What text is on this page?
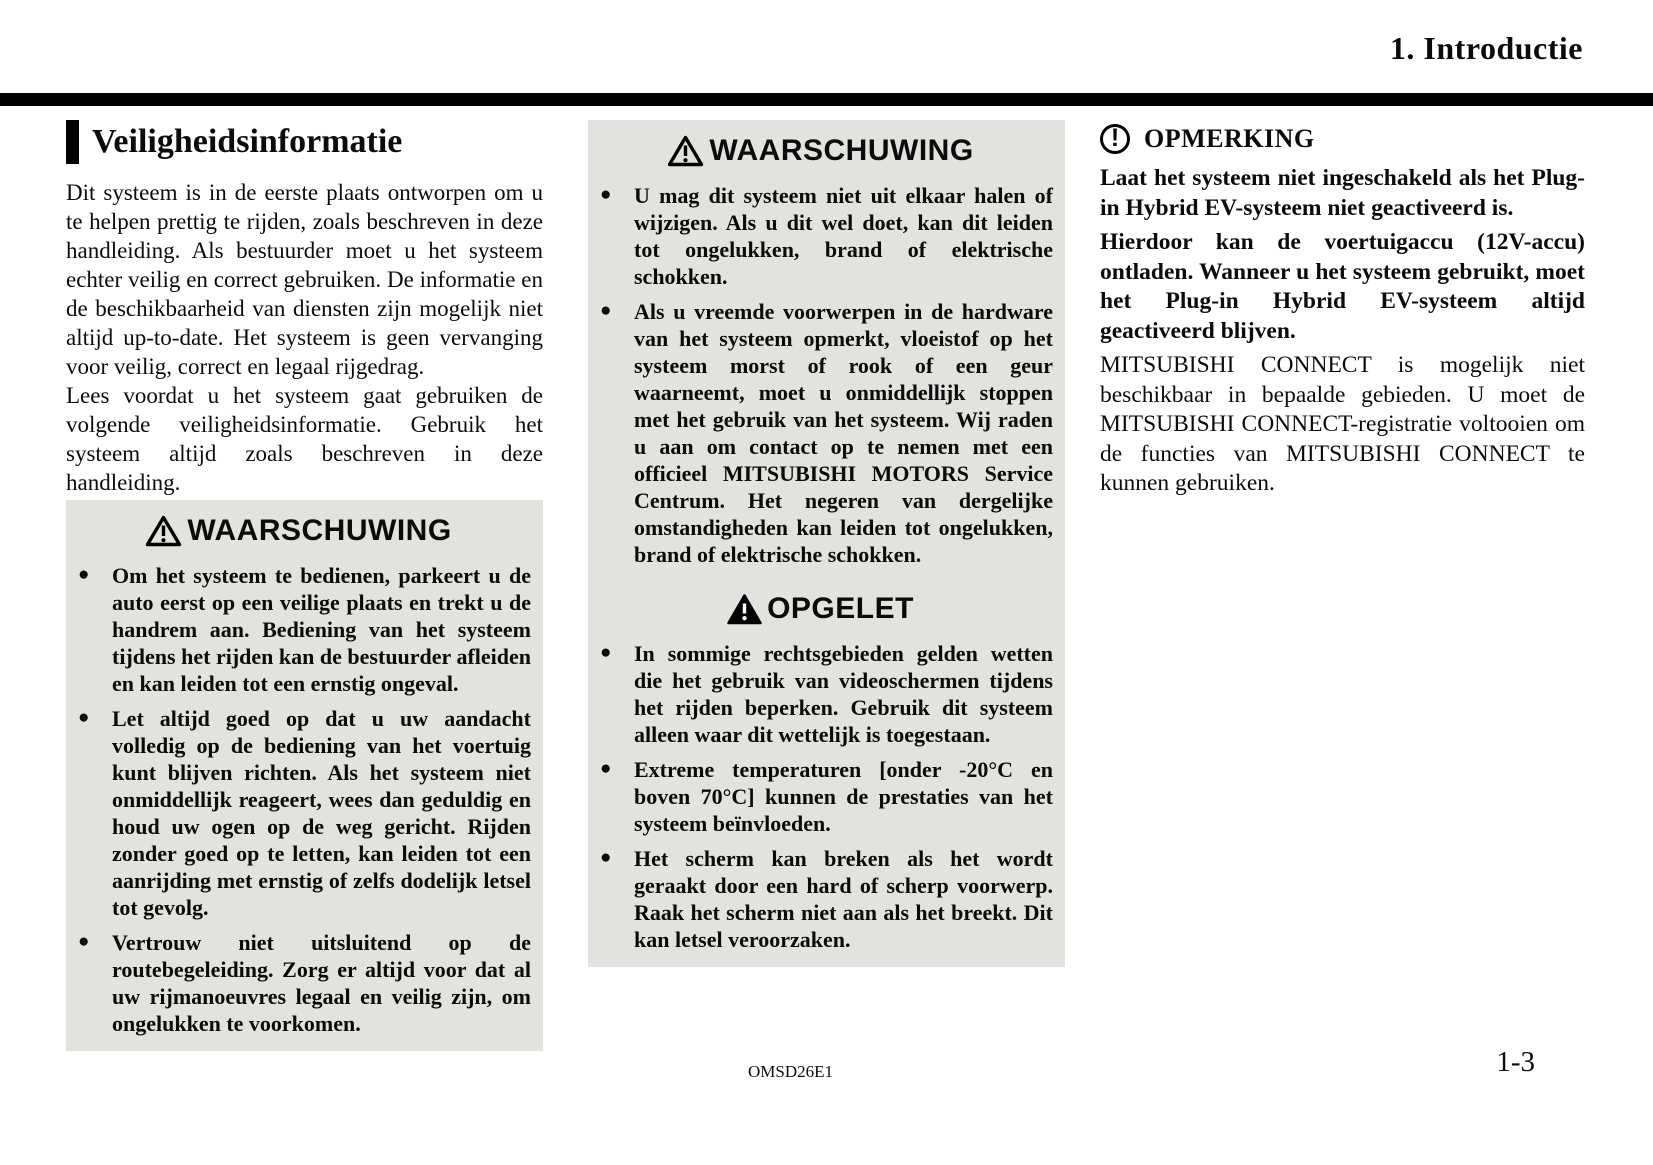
1. Introductie
Veiligheidsinformatie

Dit systeem is in de eerste plaats ontworpen om u te helpen prettig te rijden, zoals beschreven in deze handleiding. Als bestuurder moet u het systeem echter veilig en correct gebruiken. De informatie en de beschikbaarheid van diensten zijn mogelijk niet altijd up-to-date. Het systeem is geen vervanging voor veilig, correct en legaal rijgedrag.

Lees voordat u het systeem gaat gebruiken de volgende veiligheidsinformatie. Gebruik het systeem altijd zoals beschreven in deze handleiding.

WAARSCHUWING
● Om het systeem te bedienen, parkeert u de auto eerst op een veilige plaats en trekt u de handrem aan. Bediening van het systeem tijdens het rijden kan de bestuurder afleiden en kan leiden tot een ernstig ongeval.
● Let altijd goed op dat u uw aandacht volledig op de bediening van het voertuig kunt blijven richten. Als het systeem niet onmiddellijk reageert, wees dan geduldig en houd uw ogen op de weg gericht. Rijden zonder goed op te letten, kan leiden tot een aanrijding met ernstig of zelfs dodelijk letsel tot gevolg.
● Vertrouw niet uitsluitend op de routebegeleiding. Zorg er altijd voor dat al uw rijmanoeuvres legaal en veilig zijn, om ongelukken te voorkomen.
WAARSCHUWING
● U mag dit systeem niet uit elkaar halen of wijzigen. Als u dit wel doet, kan dit leiden tot ongelukken, brand of elektrische schokken.
● Als u vreemde voorwerpen in de hardware van het systeem opmerkt, vloeistof op het systeem morst of rook of een geur waarneemt, moet u onmiddellijk stoppen met het gebruik van het systeem. Wij raden u aan om contact op te nemen met een officieel MITSUBISHI MOTORS Service Centrum. Het negeren van dergelijke omstandigheden kan leiden tot ongelukken, brand of elektrische schokken.
OPGELET
● In sommige rechtsgebieden gelden wetten die het gebruik van videoschermen tijdens het rijden beperken. Gebruik dit systeem alleen waar dit wettelijk is toegestaan.
● Extreme temperaturen [onder -20°C en boven 70°C] kunnen de prestaties van het systeem beïnvloeden.
● Het scherm kan breken als het wordt geraakt door een hard of scherp voorwerp. Raak het scherm niet aan als het breekt. Dit kan letsel veroorzaken.
! OPMERKING

Laat het systeem niet ingeschakeld als het Plug-in Hybrid EV-systeem niet geactiveerd is.

Hierdoor kan de voertuigaccu (12V-accu) ontladen. Wanneer u het systeem gebruikt, moet het Plug-in Hybrid EV-systeem altijd geactiveerd blijven.

MITSUBISHI CONNECT is mogelijk niet beschikbaar in bepaalde gebieden. U moet de MITSUBISHI CONNECT-registratie voltooien om de functies van MITSUBISHI CONNECT te kunnen gebruiken.

OMSD26E1	1-3
